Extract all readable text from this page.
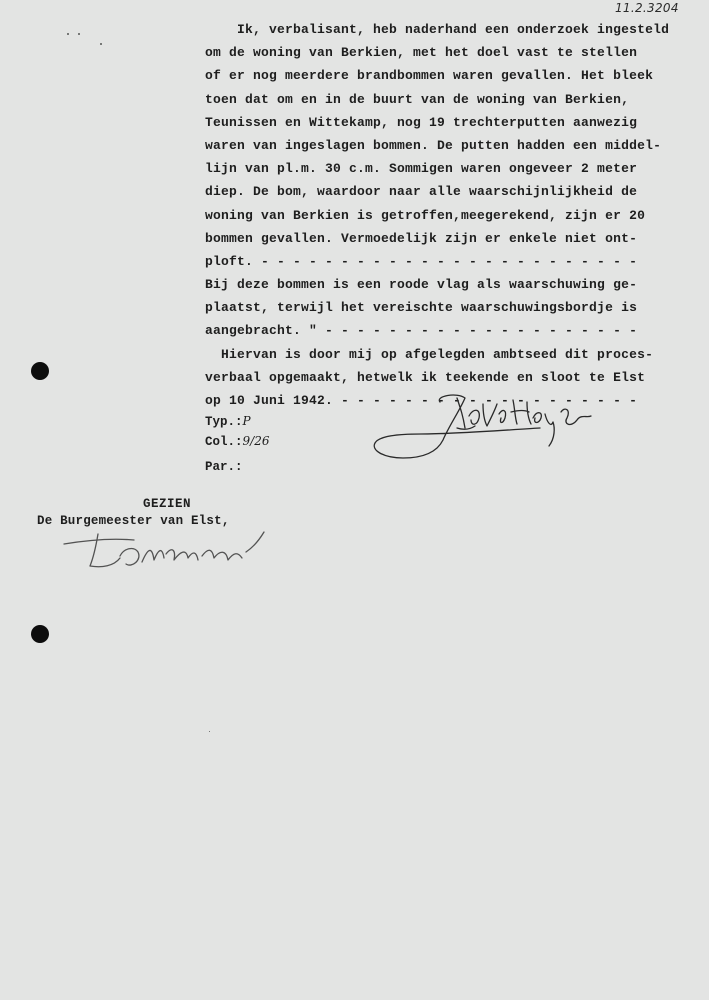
11.2.3204
Ik, verbalisant, heb naderhand een onderzoek ingesteld
om de woning van Berkien, met het doel vast te stellen
of er nog meerdere brandbommen waren gevallen. Het bleek
toen dat om en in de buurt van de woning van Berkien,
Teunissen en Wittekamp, nog 19 trechterputten aanwezig
waren van ingeslagen bommen. De putten hadden een middel-
lijn van pl.m. 30 c.m. Sommigen waren ongeveer 2 meter
diep. De bom, waardoor naar alle waarschijnlijkheid de
woning van Berkien is getroffen,meegerekend, zijn er 20
bommen gevallen. Vermoedelijk zijn er enkele niet ont-
ploft. - - - - - - - - - - - - - - - - - - - - - - - -
Bij deze bommen is een roode vlag als waarschuwing ge-
plaatst, terwijl het vereischte waarschuwingsbordje is
aangebracht. " - - - - - - - - - - - - - - - - - - - -
Hiervan is door mij op afgelegden ambtseed dit proces-
verbaal opgemaakt, hetwelk ik teekende en sloot te Elst
op 10 Juni 1942. - - - - - - - - - - - - - - - - - - -
Typ.:P
Col.:9/26
Par.:
GEZIEN
De Burgemeester van Elst,
